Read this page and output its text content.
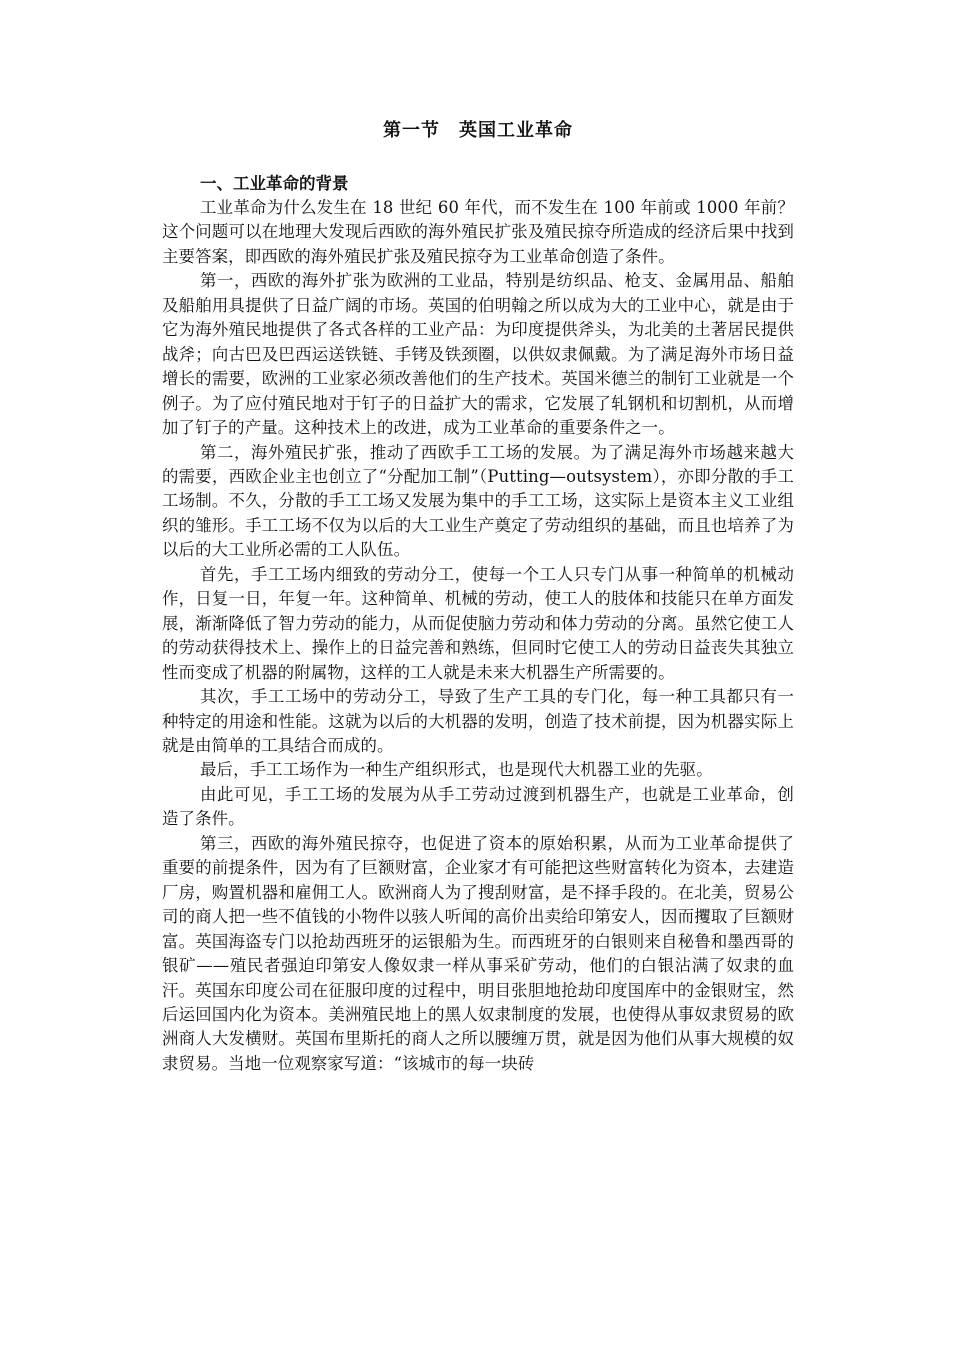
第一节　英国工业革命
一、工业革命的背景

工业革命为什么发生在 18 世纪 60 年代，而不发生在 100 年前或 1000 年前？这个问题可以在地理大发现后西欧的海外殖民扩张及殖民掠夺所造成的经济后果中找到主要答案，即西欧的海外殖民扩张及殖民掠夺为工业革命创造了条件。

第一，西欧的海外扩张为欧洲的工业品，特别是纺织品、枪支、金属用品、船舶及船舶用具提供了日益广阔的市场。英国的伯明翰之所以成为大的工业中心，就是由于它为海外殖民地提供了各式各样的工业产品：为印度提供斧头，为北美的土著居民提供战斧；向古巴及巴西运送铁链、手铐及铁颈圈，以供奴隶佩戴。为了满足海外市场日益增长的需要，欧洲的工业家必须改善他们的生产技术。英国米德兰的制钉工业就是一个例子。为了应付殖民地对于钉子的日益扩大的需求，它发展了轧钢机和切割机，从而增加了钉子的产量。这种技术上的改进，成为工业革命的重要条件之一。

第二，海外殖民扩张，推动了西欧手工工场的发展。为了满足海外市场越来越大的需要，西欧企业主也创立了“分配加工制”（Putting—outsystem），亦即分散的手工工场制。不久，分散的手工工场又发展为集中的手工工场，这实际上是资本主义工业组织的雏形。手工工场不仅为以后的大工业生产奠定了劳动组织的基础，而且也培养了为以后的大工业所必需的工人队伍。

首先，手工工场内细致的劳动分工，使每一个工人只专门从事一种简单的机械动作，日复一日，年复一年。这种简单、机械的劳动，使工人的肢体和技能只在单方面发展，渐渐降低了智力劳动的能力，从而促使脑力劳动和体力劳动的分离。虽然它使工人的劳动获得技术上、操作上的日益完善和熟练，但同时它使工人的劳动日益丧失其独立性而变成了机器的附属物，这样的工人就是未来大机器生产所需要的。

其次，手工工场中的劳动分工，导致了生产工具的专门化，每一种工具都只有一种特定的用途和性能。这就为以后的大机器的发明，创造了技术前提，因为机器实际上就是由简单的工具结合而成的。

最后，手工工场作为一种生产组织形式，也是现代大机器工业的先驱。

由此可见，手工工场的发展为从手工劳动过渡到机器生产，也就是工业革命，创造了条件。

第三，西欧的海外殖民掠夺，也促进了资本的原始积累，从而为工业革命提供了重要的前提条件，因为有了巨额财富，企业家才有可能把这些财富转化为资本，去建造厂房，购置机器和雇佣工人。欧洲商人为了搜刮财富，是不择手段的。在北美，贸易公司的商人把一些不值钱的小物件以骇人听闻的高价出卖给印第安人，因而攫取了巨额财富。英国海盗专门以抢劫西班牙的运银船为生。而西班牙的白银则来自秘鲁和墨西哥的银矿——殖民者强迫印第安人像奴隶一样从事采矿劳动，他们的白银沾满了奴隶的血汗。英国东印度公司在征服印度的过程中，明目张胆地抢劫印度国库中的金银财宝，然后运回国内化为资本。美洲殖民地上的黑人奴隶制度的发展，也使得从事奴隶贸易的欧洲商人大发横财。英国布里斯托的商人之所以腰缠万贯，就是因为他们从事大规模的奴隶贸易。当地一位观察家写道：“该城市的每一块砖
